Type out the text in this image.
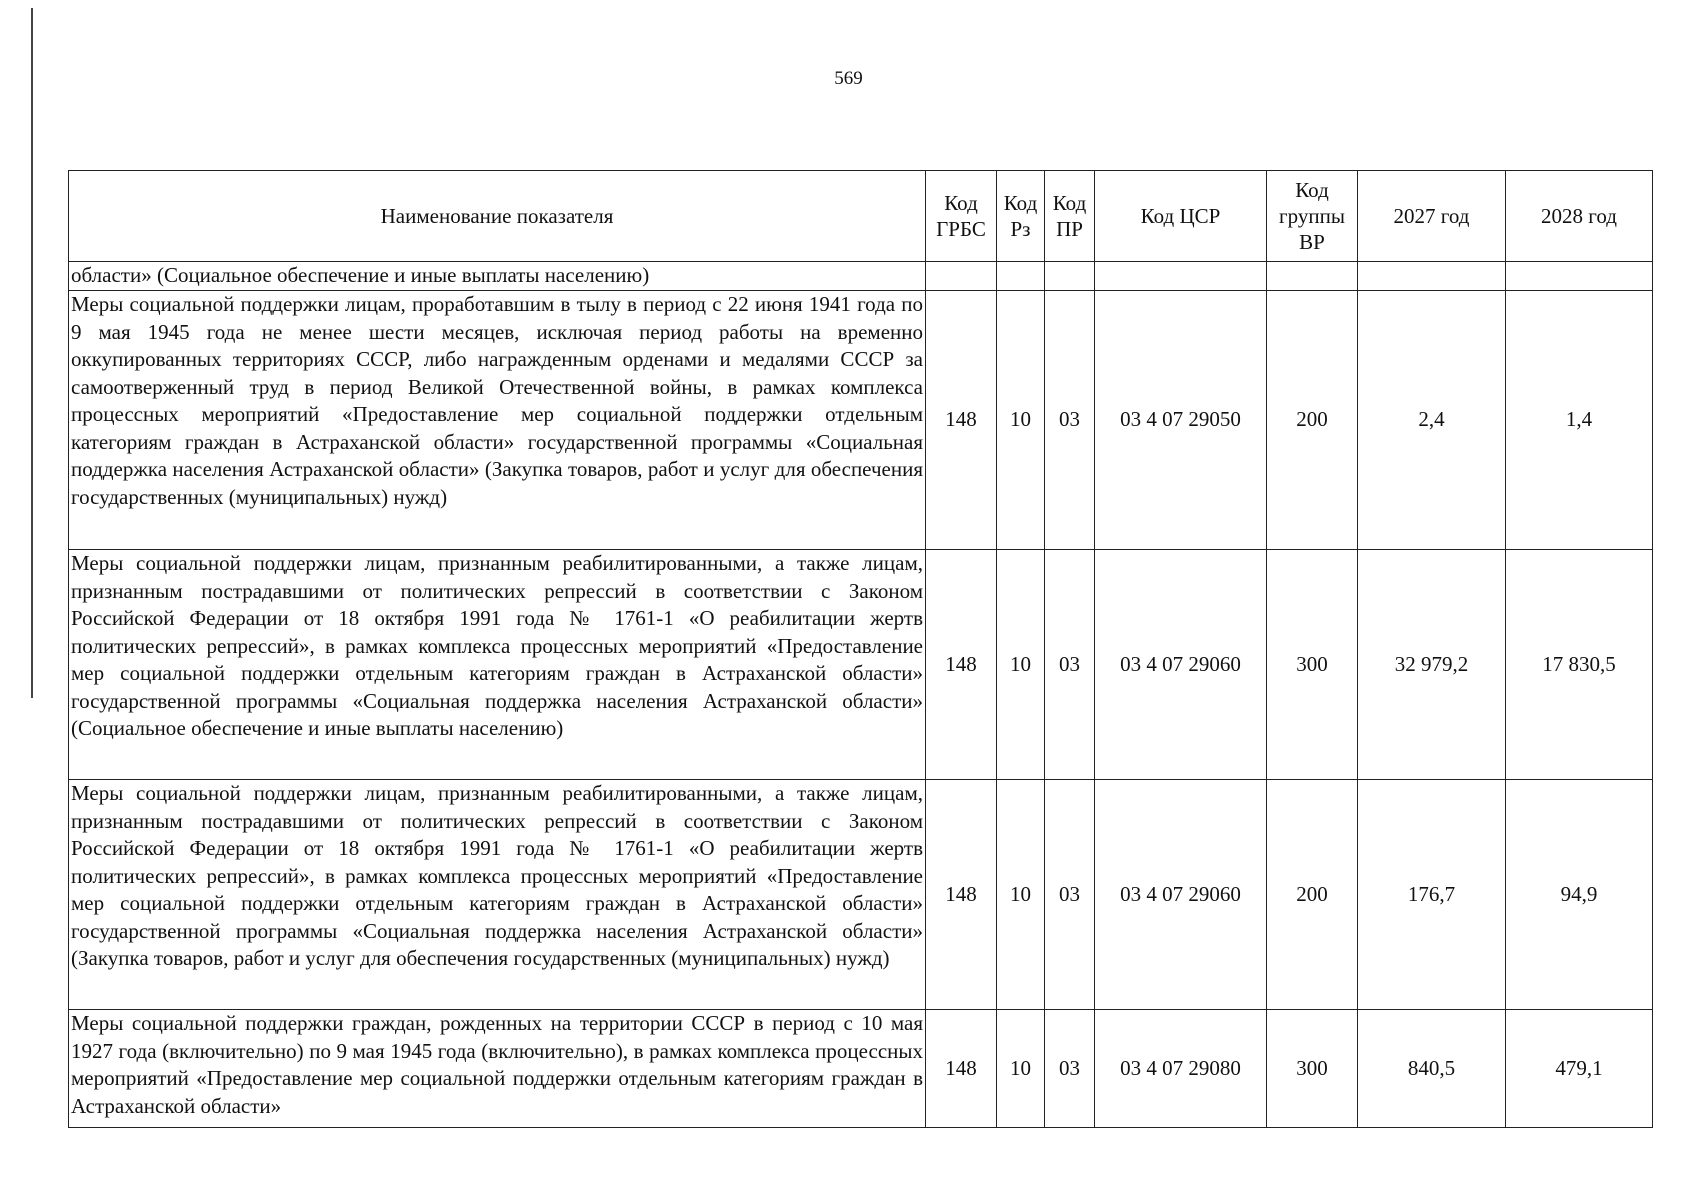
569
Наименование показателя	Код ГРБС	Код Рз	Код ПР	Код ЦСР	Код группы ВР	2027 год	2028 год
области» (Социальное обеспечение и иные выплаты населению)							
Меры социальной поддержки лицам, проработавшим в тылу в период с 22 июня 1941 года по 9 мая 1945 года не менее шести месяцев, исключая период работы на временно оккупированных территориях СССР, либо награжденным орденами и медалями СССР за самоотверженный труд в период Великой Отечественной войны, в рамках комплекса процессных мероприятий «Предоставление мер социальной поддержки отдельным категориям граждан в Астраханской области» государственной программы «Социальная поддержка населения Астраханской области» (Закупка товаров, работ и услуг для обеспечения государственных (муниципальных) нужд)	148	10	03	03 4 07 29050	200	2,4	1,4
Меры социальной поддержки лицам, признанным реабилитированными, а также лицам, признанным пострадавшими от политических репрессий в соответствии с Законом Российской Федерации от 18 октября 1991 года № 1761-1 «О реабилитации жертв политических репрессий», в рамках комплекса процессных мероприятий «Предоставление мер социальной поддержки отдельным категориям граждан в Астраханской области» государственной программы «Социальная поддержка населения Астраханской области» (Социальное обеспечение и иные выплаты населению)	148	10	03	03 4 07 29060	300	32 979,2	17 830,5
Меры социальной поддержки лицам, признанным реабилитированными, а также лицам, признанным пострадавшими от политических репрессий в соответствии с Законом Российской Федерации от 18 октября 1991 года № 1761-1 «О реабилитации жертв политических репрессий», в рамках комплекса процессных мероприятий «Предоставление мер социальной поддержки отдельным категориям граждан в Астраханской области» государственной программы «Социальная поддержка населения Астраханской области» (Закупка товаров, работ и услуг для обеспечения государственных (муниципальных) нужд)	148	10	03	03 4 07 29060	200	176,7	94,9
Меры социальной поддержки граждан, рожденных на территории СССР в период с 10 мая 1927 года (включительно) по 9 мая 1945 года (включительно), в рамках комплекса процессных мероприятий «Предоставление мер социальной поддержки отдельным категориям граждан в Астраханской области»	148	10	03	03 4 07 29080	300	840,5	479,1
